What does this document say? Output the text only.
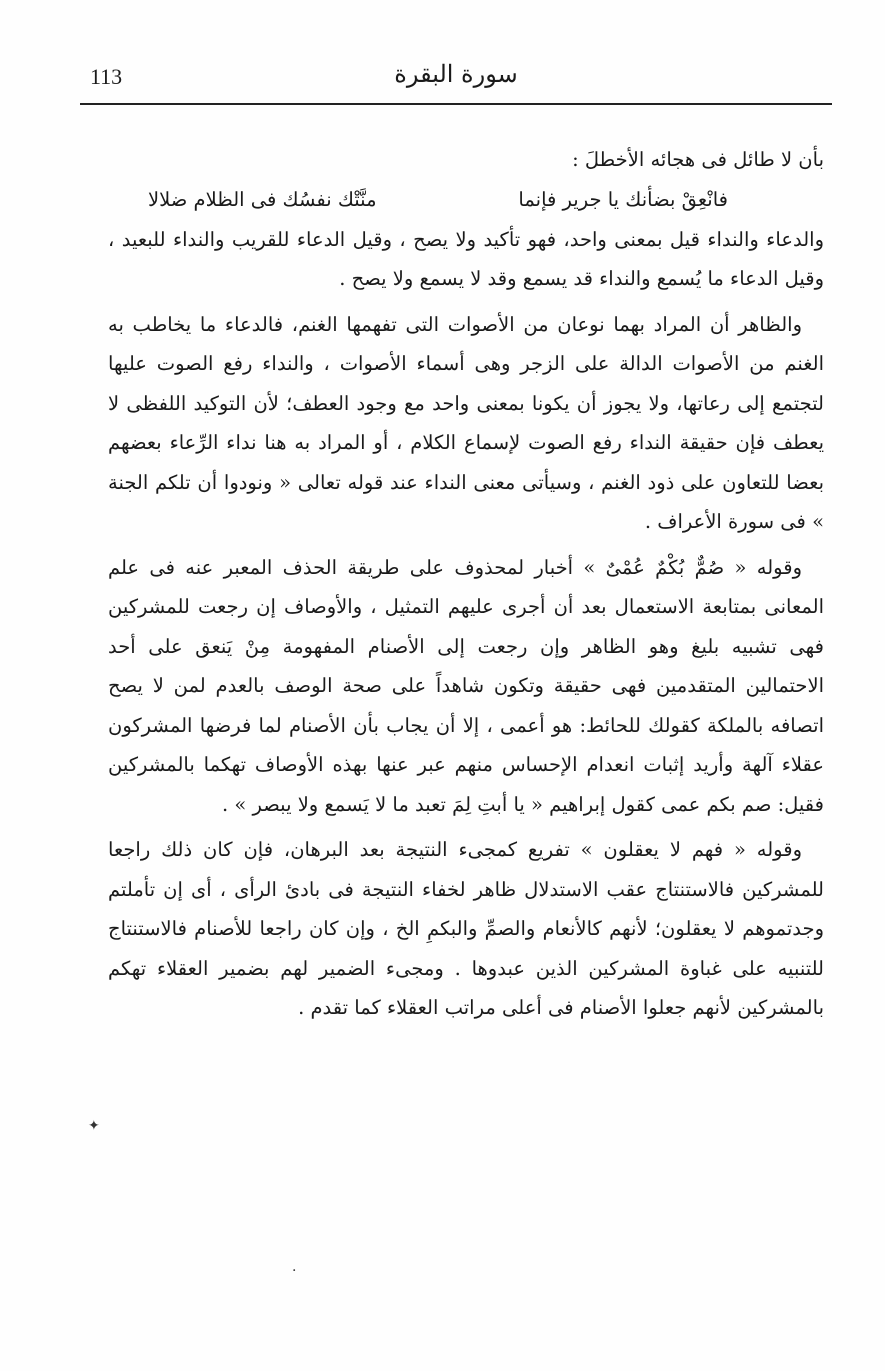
113	سورة البقرة

بأن لا طائل فى هجائه الأخطلَ :

فانْعِقْ بضأنك يا جرير فإنما
منَّتْك نفسُك فى الظلام ضلالا

والدعاء والنداء قيل بمعنى واحد، فهو تأكيد ولا يصح ، وقيل الدعاء للقريب والنداء للبعيد ، وقيل الدعاء ما يُسمع والنداء قد يسمع وقد لا يسمع ولا يصح .

والظاهر أن المراد بهما نوعان من الأصوات التى تفهمها الغنم، فالدعاء ما يخاطب به الغنم من الأصوات الدالة على الزجر وهى أسماء الأصوات ، والنداء رفع الصوت عليها لتجتمع إلى رعاتها، ولا يجوز أن يكونا بمعنى واحد مع وجود العطف؛ لأن التوكيد اللفظى لا يعطف فإن حقيقة النداء رفع الصوت لإسماع الكلام ، أو المراد به هنا نداء الرِّعاء بعضهم بعضا للتعاون على ذود الغنم ، وسيأتى معنى النداء عند قوله تعالى « ونودوا أن تلكم الجنة » فى سورة الأعراف .

وقوله « صُمٌّ بُكْمٌ عُمْىٌ » أخبار لمحذوف على طريقة الحذف المعبر عنه فى علم المعانى بمتابعة الاستعمال بعد أن أجرى عليهم التمثيل ، والأوصاف إن رجعت للمشركين فهى تشبيه بليغ وهو الظاهر وإن رجعت إلى الأصنام المفهومة مِنْ يَنعق على أحد الاحتمالين المتقدمين فهى حقيقة وتكون شاهداً على صحة الوصف بالعدم لمن لا يصح اتصافه بالملكة كقولك للحائط: هو أعمى ، إلا أن يجاب بأن الأصنام لما فرضها المشركون عقلاء آلهة وأريد إثبات انعدام الإحساس منهم عبر عنها بهذه الأوصاف تهكما بالمشركين فقيل: صم بكم عمى كقول إبراهيم « يا أبتِ لِمَ تعبد ما لا يَسمع ولا يبصر » .

وقوله « فهم لا يعقلون » تفريع كمجىء النتيجة بعد البرهان، فإن كان ذلك راجعا للمشركين فالاستنتاج عقب الاستدلال ظاهر لخفاء النتيجة فى بادئ الرأى ، أى إن تأملتم وجدتموهم لا يعقلون؛ لأنهم كالأنعام والصمِّ والبكمِ الخ ، وإن كان راجعا للأصنام فالاستنتاج للتنبيه على غباوة المشركين الذين عبدوها . ومجىء الضمير لهم بضمير العقلاء تهكم بالمشركين لأنهم جعلوا الأصنام فى أعلى مراتب العقلاء كما تقدم .

✦
·
